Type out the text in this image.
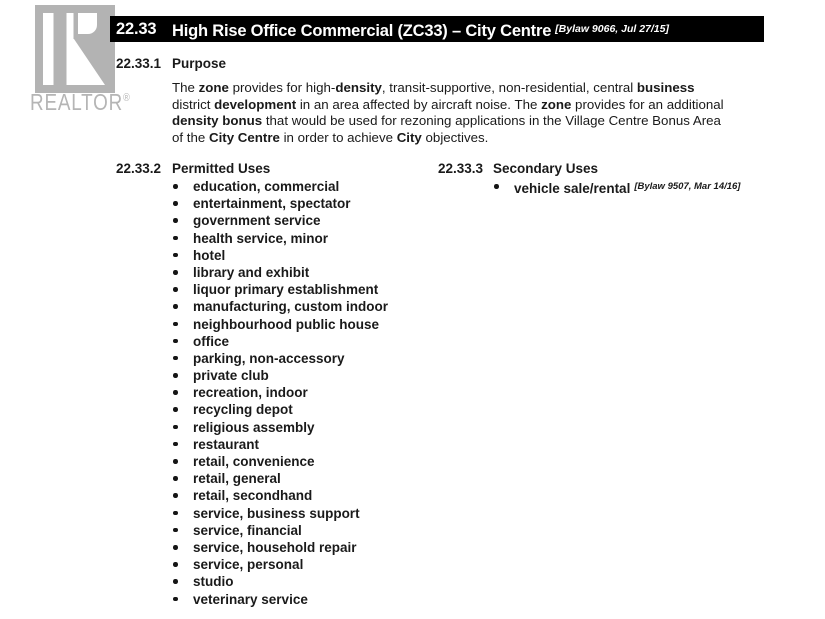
REALTOR®
22.33 High Rise Office Commercial (ZC33) – City Centre [Bylaw 9066, Jul 27/15]
22.33.1 Purpose
The zone provides for high-density, transit-supportive, non-residential, central business
district development in an area affected by aircraft noise. The zone provides for an additional
density bonus that would be used for rezoning applications in the Village Centre Bonus Area
of the City Centre in order to achieve City objectives.
22.33.2 Permitted Uses
education, commercial
entertainment, spectator
government service
health service, minor
hotel
library and exhibit
liquor primary establishment
manufacturing, custom indoor
neighbourhood public house
office
parking, non-accessory
private club
recreation, indoor
recycling depot
religious assembly
restaurant
retail, convenience
retail, general
retail, secondhand
service, business support
service, financial
service, household repair
service, personal
studio
veterinary service
22.33.3 Secondary Uses
vehicle sale/rental [Bylaw 9507, Mar 14/16]
